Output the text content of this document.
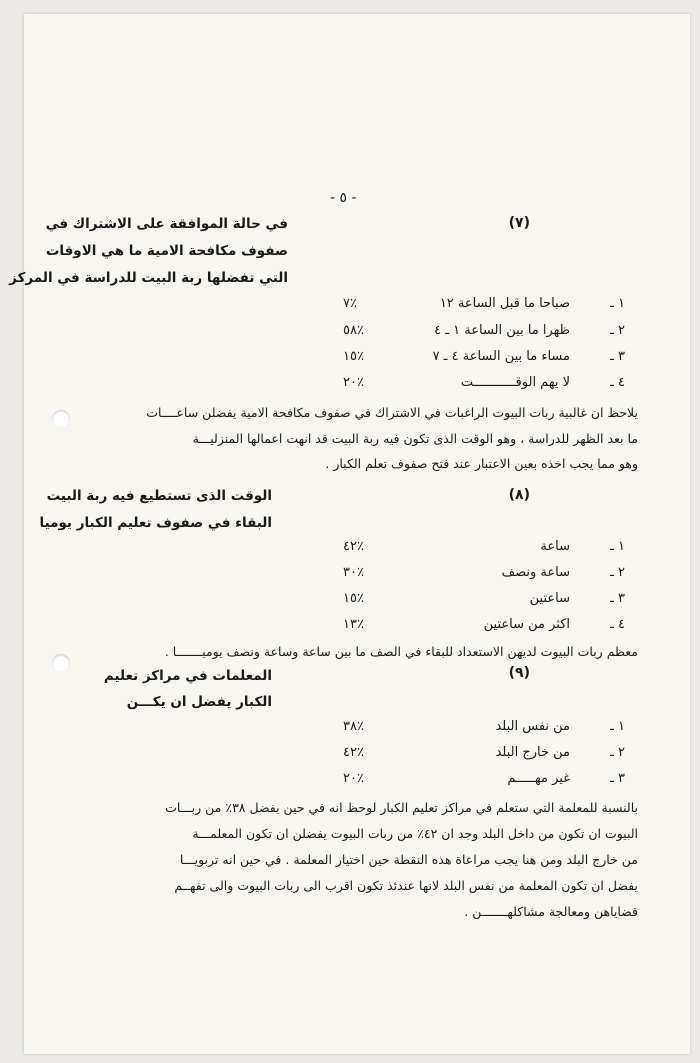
- ٥ -
(٧)
في حالة الموافقة على الاشتراك في
صفوف مكافحة الامية ما هي الاوقات
التي تفضلها ربة البيت للدراسة في المركز
١ ـ
صباحا ما قبل الساعة ١٢
٧٪
٢ ـ
ظهرا ما بين الساعة ١ ـ ٤
٥٨٪
٣ ـ
مساء ما بين الساعة ٤ ـ ٧
١٥٪
٤ ـ
لا يهم الوقـــــــــــت
٢٠٪
يلاحظ ان غالبية ربات البيوت الراغبات في الاشتراك في صفوف مكافحة الامية يفضلن ساعــــات
ما بعد الظهر للدراسة ، وهو الوقت الذى تكون فيه ربة البيت قد انهت اعمالها المنزليـــة
وهو مما يجب اخذه بعين الاعتبار عند فتح صفوف تعلم الكبار .
(٨)
الوقت الذى تستطيع فيه ربة البيت
البقاء في صفوف تعليم الكبار يوميا
١ ـ
ساعة
٤٢٪
٢ ـ
ساعة ونصف
٣٠٪
٣ ـ
ساعتين
١٥٪
٤ ـ
اكثر من ساعتين
١٣٪
معظم ربات البيوت لديهن الاستعداد للبقاء في الصف ما بين ساعة وساعة ونصف يوميـــــــا .
(٩)
المعلمات في مراكز تعليم
الكبار يفضل ان يكـــن
١ ـ
من نفس البلد
٣٨٪
٢ ـ
من خارج البلد
٤٢٪
٣ ـ
غير مهـــــم
٢٠٪
بالنسبة للمعلمة التي ستعلم في مراكز تعليم الكبار لوحظ انه في حين يفضل ٣٨٪ من ربـــات
البيوت ان تكون من داخل البلد وجد ان ٤٢٪ من ربات البيوت يفضلن ان تكون المعلمـــة
من خارج البلد ومن هنا يجب مراعاة هذه النقطة حين اختيار المعلمة . في حين انه تربويـــا
يفضل ان تكون المعلمة من نفس البلد لانها عندئذ تكون اقرب الى ربات البيوت والى تفهــم
قضاياهن ومعالجة مشاكلهـــــــن .
